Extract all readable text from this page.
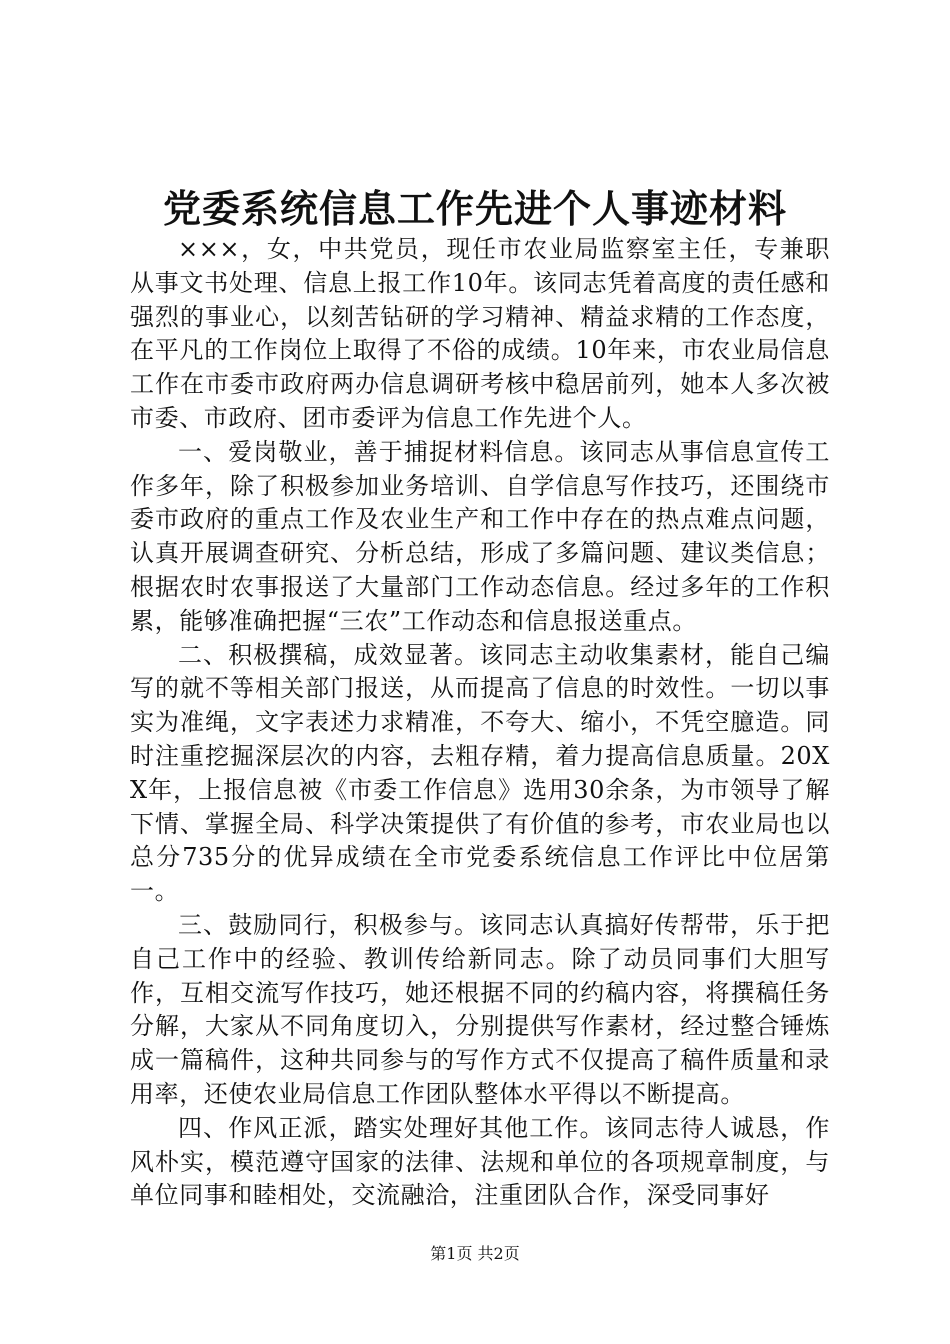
党委系统信息工作先进个人事迹材料

×××，女，中共党员，现任市农业局监察室主任，专兼职从事文书处理、信息上报工作10年。该同志凭着高度的责任感和强烈的事业心，以刻苦钻研的学习精神、精益求精的工作态度，在平凡的工作岗位上取得了不俗的成绩。10年来，市农业局信息工作在市委市政府两办信息调研考核中稳居前列，她本人多次被市委、市政府、团市委评为信息工作先进个人。

一、爱岗敬业，善于捕捉材料信息。该同志从事信息宣传工作多年，除了积极参加业务培训、自学信息写作技巧，还围绕市委市政府的重点工作及农业生产和工作中存在的热点难点问题，认真开展调查研究、分析总结，形成了多篇问题、建议类信息；根据农时农事报送了大量部门工作动态信息。经过多年的工作积累，能够准确把握“三农”工作动态和信息报送重点。

二、积极撰稿，成效显著。该同志主动收集素材，能自己编写的就不等相关部门报送，从而提高了信息的时效性。一切以事实为准绳，文字表述力求精准，不夸大、缩小，不凭空臆造。同时注重挖掘深层次的内容，去粗存精，着力提高信息质量。20XX年，上报信息被《市委工作信息》选用30余条，为市领导了解下情、掌握全局、科学决策提供了有价值的参考，市农业局也以总分735分的优异成绩在全市党委系统信息工作评比中位居第一。

三、鼓励同行，积极参与。该同志认真搞好传帮带，乐于把自己工作中的经验、教训传给新同志。除了动员同事们大胆写作，互相交流写作技巧，她还根据不同的约稿内容，将撰稿任务分解，大家从不同角度切入，分别提供写作素材，经过整合锤炼成一篇稿件，这种共同参与的写作方式不仅提高了稿件质量和录用率，还使农业局信息工作团队整体水平得以不断提高。

四、作风正派，踏实处理好其他工作。该同志待人诚恳，作风朴实，模范遵守国家的法律、法规和单位的各项规章制度，与单位同事和睦相处，交流融洽，注重团队合作，深受同事好

第1页 共2页
